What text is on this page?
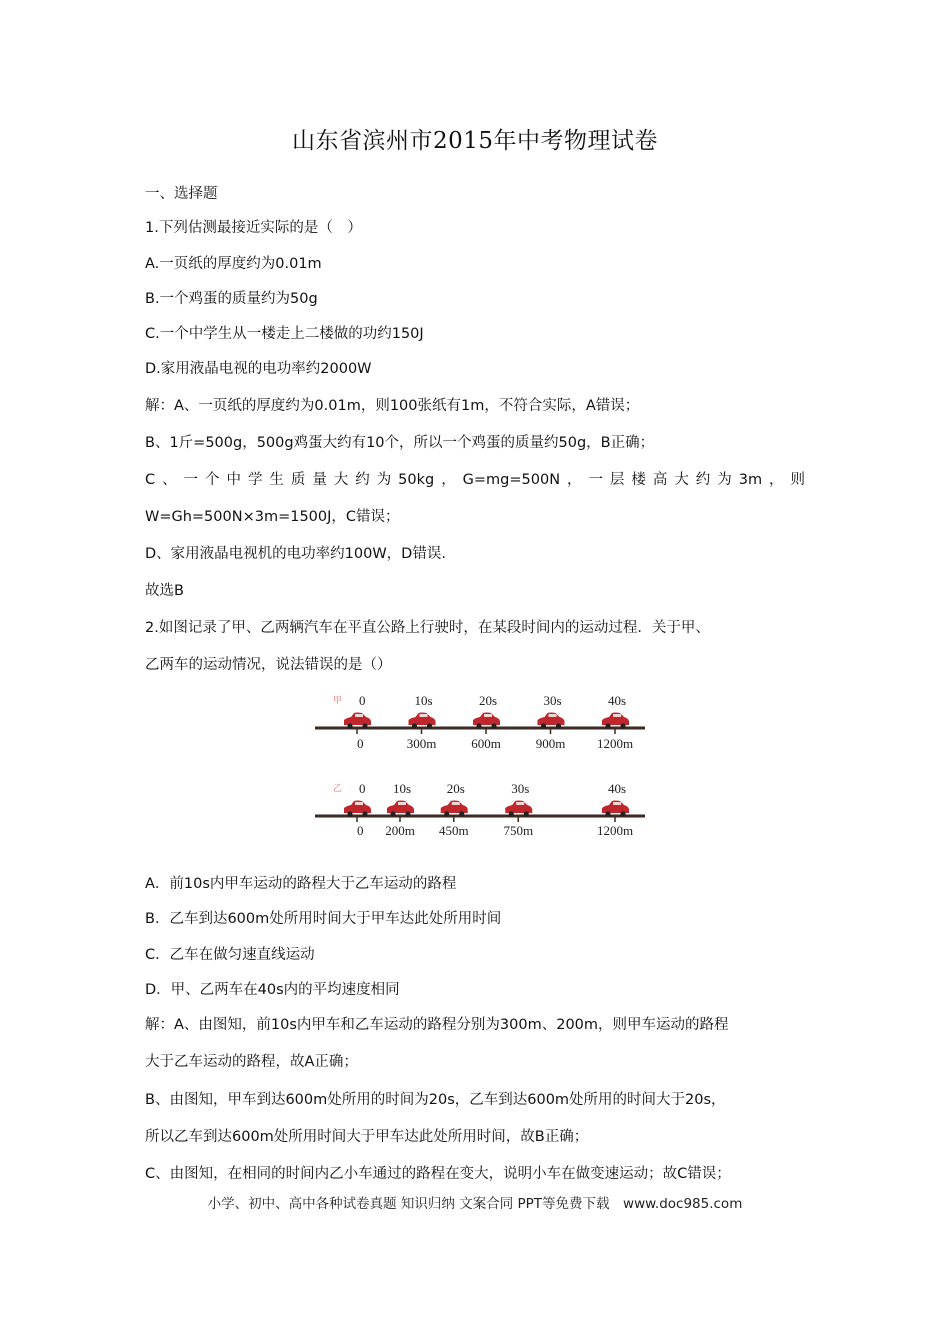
山东省滨州市2015年中考物理试卷
一、选择题
1.下列估测最接近实际的是（　）
A.一页纸的厚度约为0.01m
B.一个鸡蛋的质量约为50g
C.一个中学生从一楼走上二楼做的功约150J
D.家用液晶电视的电功率约2000W
解：A、一页纸的厚度约为0.01m，则100张纸有1m，不符合实际，A错误；
B、1斤=500g，500g鸡蛋大约有10个，所以一个鸡蛋的质量约50g，B正确；
C、一个中学生质量大约为50kg，G=mg=500N，一层楼高大约为3m，则
W=Gh=500N×3m=1500J，C错误；
D、家用液晶电视机的电功率约100W，D错误.
故选B
2.如图记录了甲、乙两辆汽车在平直公路上行驶时，在某段时间内的运动过程．关于甲、
乙两车的运动情况，说法错误的是（）
甲 0
0
10s
300m
20s
600m
30s
900m
40s
1200m
乙 0
0
10s
200m
20s
450m
30s
750m
40s
1200m
A．前10s内甲车运动的路程大于乙车运动的路程
B．乙车到达600m处所用时间大于甲车达此处所用时间
C．乙车在做匀速直线运动
D．甲、乙两车在40s内的平均速度相同
解：A、由图知，前10s内甲车和乙车运动的路程分别为300m、200m，则甲车运动的路程
大于乙车运动的路程，故A正确；
B、由图知，甲车到达600m处所用的时间为20s，乙车到达600m处所用的时间大于20s，
所以乙车到达600m处所用时间大于甲车达此处所用时间，故B正确；
C、由图知，在相同的时间内乙小车通过的路程在变大，说明小车在做变速运动；故C错误；
小学、初中、高中各种试卷真题 知识归纳 文案合同 PPT等免费下载　www.doc985.com
